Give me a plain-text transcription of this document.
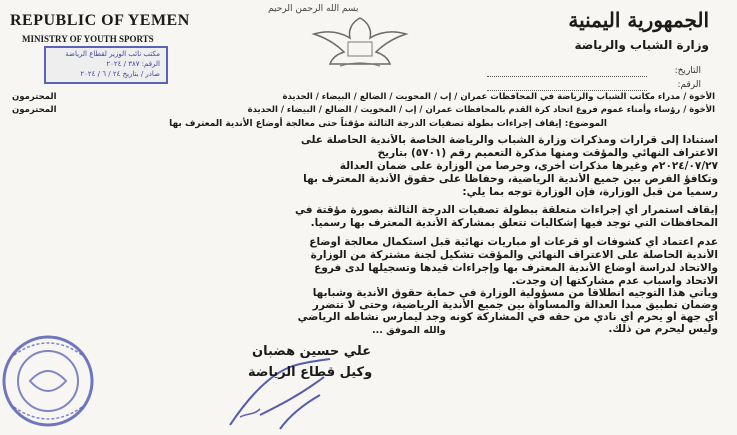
بسم الله الرحمن الرحيم
REPUBLIC OF YEMEN
MINISTRY OF YOUTH SPORTS
الجمهورية اليمنية
وزارة الشباب والرياضة
مكتب نائب الوزير لقطاع الرياضة
الرقم: ٣٨٧ / ٢٠٢٤
صادر / بتاريخ ٢٤ / ٦ / ٢٠٢٤	التاريخ:
الرقم:
الأخوة / مدراء مكاتب الشباب والرياضة في المحافظات عمران / إب / المحويت / الضالع / البيضاء / الحديدة
المحترمون
الأخوة / رؤساء وأمناء عموم فروع اتحاد كرة القدم بالمحافظات عمران / إب / المحويت / الضالع / البيضاء / الحديدة
المحترمون
الموضوع: إيقاف إجراءات بطولة تصفيات الدرجة الثالثة مؤقتاً حتى معالجة أوضاع الأندية المعترف بها
استناداً إلى قرارات ومذكرات وزارة الشباب والرياضة الخاصة بالأندية الحاصلة على
الاعتراف النهائي والمؤقت ومنها مذكرة التعميم رقم (٥٧٠١) بتاريخ
٢٠٢٤/٠٧/٢٧م وغيرها مذكرات أخرى، وحرصاً من الوزارة على ضمان العدالة
وتكافؤ الفرص بين جميع الأندية الرياضية، وحفاظاً على حقوق الأندية المعترف بها
رسمياً من قبل الوزارة، فإن الوزارة توجه بما يلي:
إيقاف استمرار أي إجراءات متعلقة ببطولة تصفيات الدرجة الثالثة بصورة مؤقتة في
المحافظات التي توجد فيها إشكاليات تتعلق بمشاركة الأندية المعترف بها رسمياً.
عدم اعتماد أي كشوفات أو قرعات أو مباريات نهائية قبل استكمال معالجة أوضاع
الأندية الحاصلة على الاعتراف النهائي والمؤقت تشكيل لجنة مشتركة من الوزارة
والاتحاد لدراسة أوضاع الأندية المعترف بها وإجراءات قيدها وتسجيلها لدى فروع
الاتحاد وأسباب عدم مشاركتها إن وجدت.
ويأتي هذا التوجيه انطلاقاً من مسؤولية الوزارة في حماية حقوق الأندية وشبابها
وضمان تطبيق مبدأ العدالة والمساواة بين جميع الأندية الرياضية، وحتى لا تتضرر
أي جهة أو يحرم أي نادي من حقه في المشاركة كونه وجد ليمارس نشاطه الرياضي
وليس ليحرم من ذلك.
والله الموفق ...
علي حسين هضبان
وكيل قطاع الرياضة
